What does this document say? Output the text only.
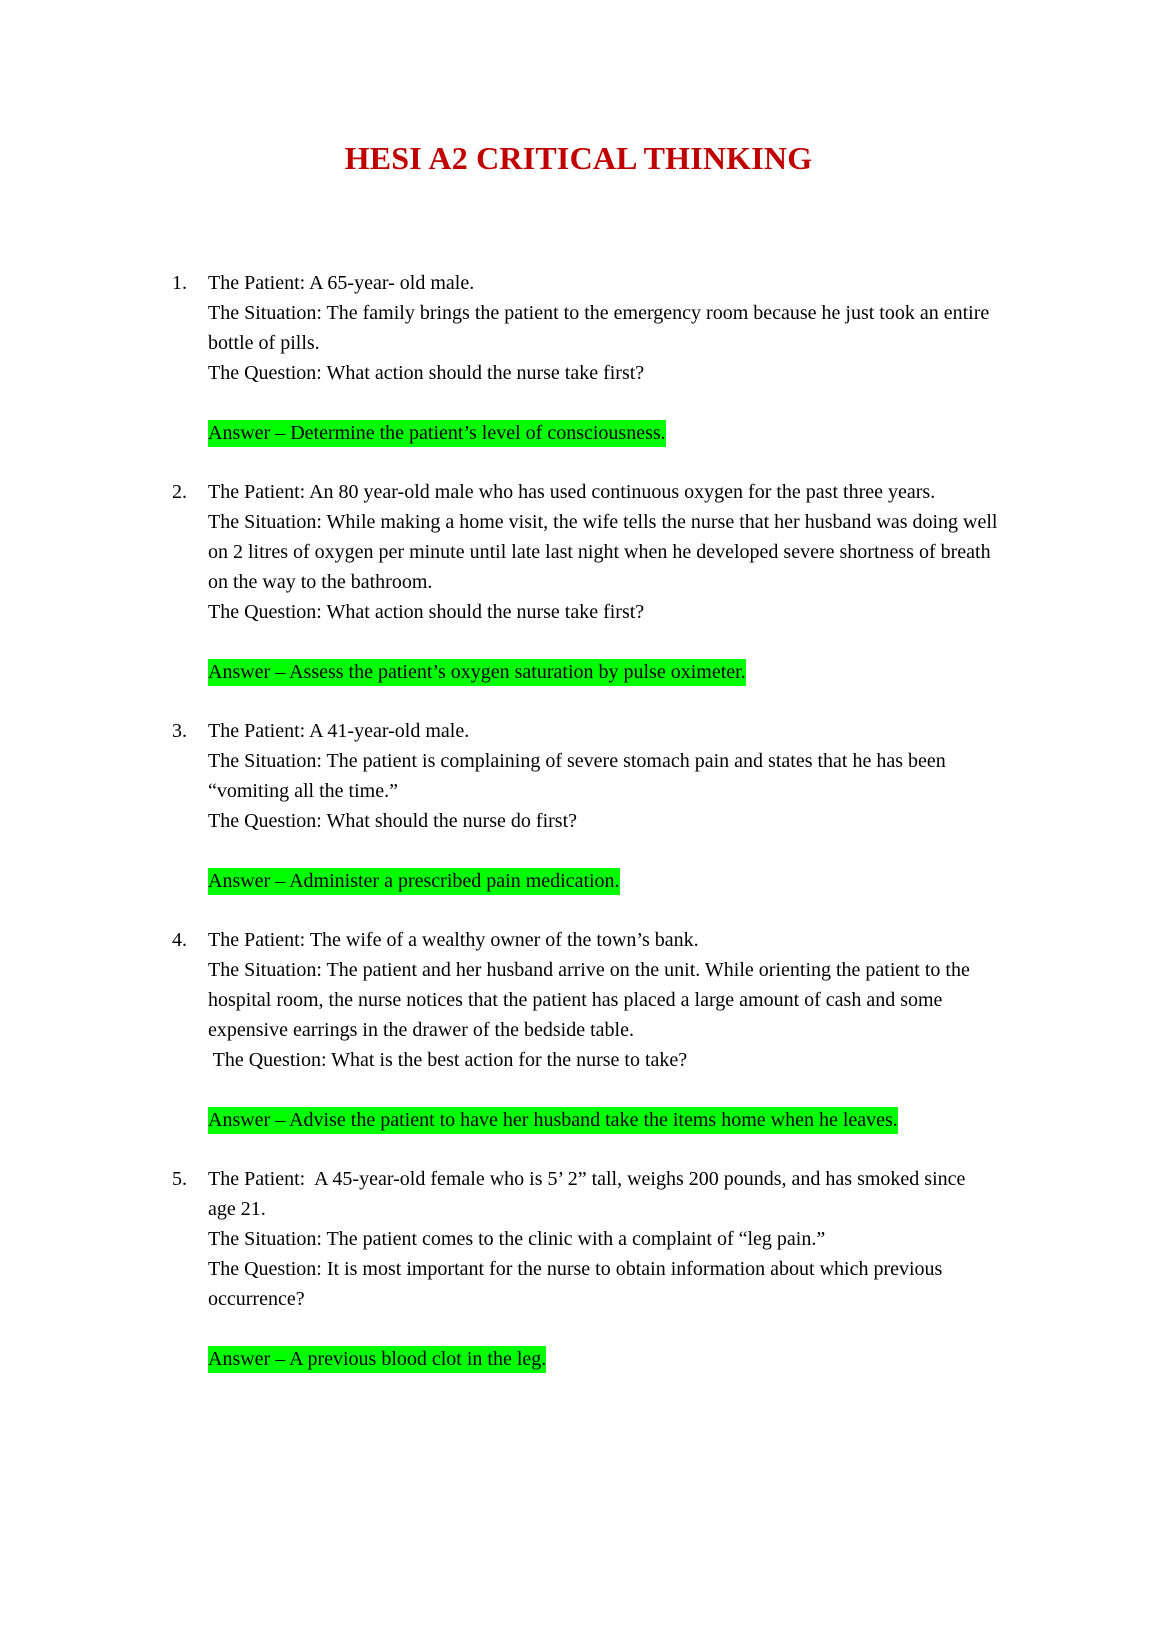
HESI A2 CRITICAL THINKING
1. The Patient: A 65-year- old male.
The Situation: The family brings the patient to the emergency room because he just took an entire bottle of pills.
The Question: What action should the nurse take first?
Answer – Determine the patient’s level of consciousness.
2. The Patient: An 80 year-old male who has used continuous oxygen for the past three years.
The Situation: While making a home visit, the wife tells the nurse that her husband was doing well on 2 litres of oxygen per minute until late last night when he developed severe shortness of breath on the way to the bathroom.
The Question: What action should the nurse take first?
Answer – Assess the patient’s oxygen saturation by pulse oximeter.
3. The Patient: A 41-year-old male.
The Situation: The patient is complaining of severe stomach pain and states that he has been “vomiting all the time.”
The Question: What should the nurse do first?
Answer – Administer a prescribed pain medication.
4. The Patient: The wife of a wealthy owner of the town’s bank.
The Situation: The patient and her husband arrive on the unit. While orienting the patient to the hospital room, the nurse notices that the patient has placed a large amount of cash and some expensive earrings in the drawer of the bedside table.
The Question: What is the best action for the nurse to take?
Answer – Advise the patient to have her husband take the items home when he leaves.
5. The Patient:  A 45-year-old female who is 5’ 2” tall, weighs 200 pounds, and has smoked since age 21.
The Situation: The patient comes to the clinic with a complaint of “leg pain.”
The Question: It is most important for the nurse to obtain information about which previous occurrence?
Answer – A previous blood clot in the leg.
